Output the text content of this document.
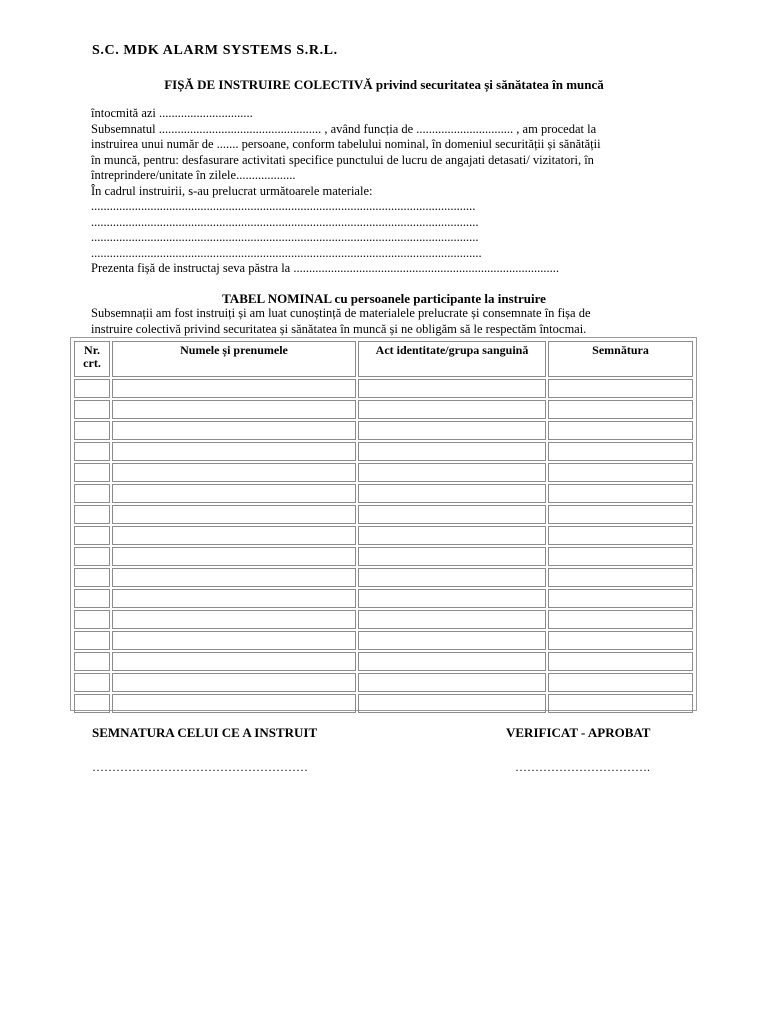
S.C. MDK ALARM SYSTEMS S.R.L.
FIȘĂ DE INSTRUIRE COLECTIVĂ privind securitatea și sănătatea în muncă
întocmită azi ..............................
Subsemnatul .................................................... , având funcția de ............................... , am procedat la
instruirea unui număr de ....... persoane, conform tabelului nominal, în domeniul securității și sănătății
în muncă, pentru: desfasurare activitati specifice punctului de lucru de angajati detasati/ vizitatori, în
întreprindere/unitate în zilele...................
În cadrul instruirii, s-au prelucrat următoarele materiale:
...........................................................................................................................
............................................................................................................................
............................................................................................................................
.............................................................................................................................
Prezenta fișă de instructaj seva păstra la .....................................................................................
TABEL NOMINAL cu persoanele participante la instruire
Subsemnații am fost instruiți și am luat cunoștință de materialele prelucrate și consemnate în fișa de
instruire colectivă privind securitatea și sănătatea în muncă și ne obligăm să le respectăm întocmai.
Nr. crt.	Numele și prenumele	Act identitate/grupa sanguină	Semnătura

SEMNATURA CELUI CE A INSTRUIT	VERIFICAT - APROBAT
………………………………………………	…………………………….
